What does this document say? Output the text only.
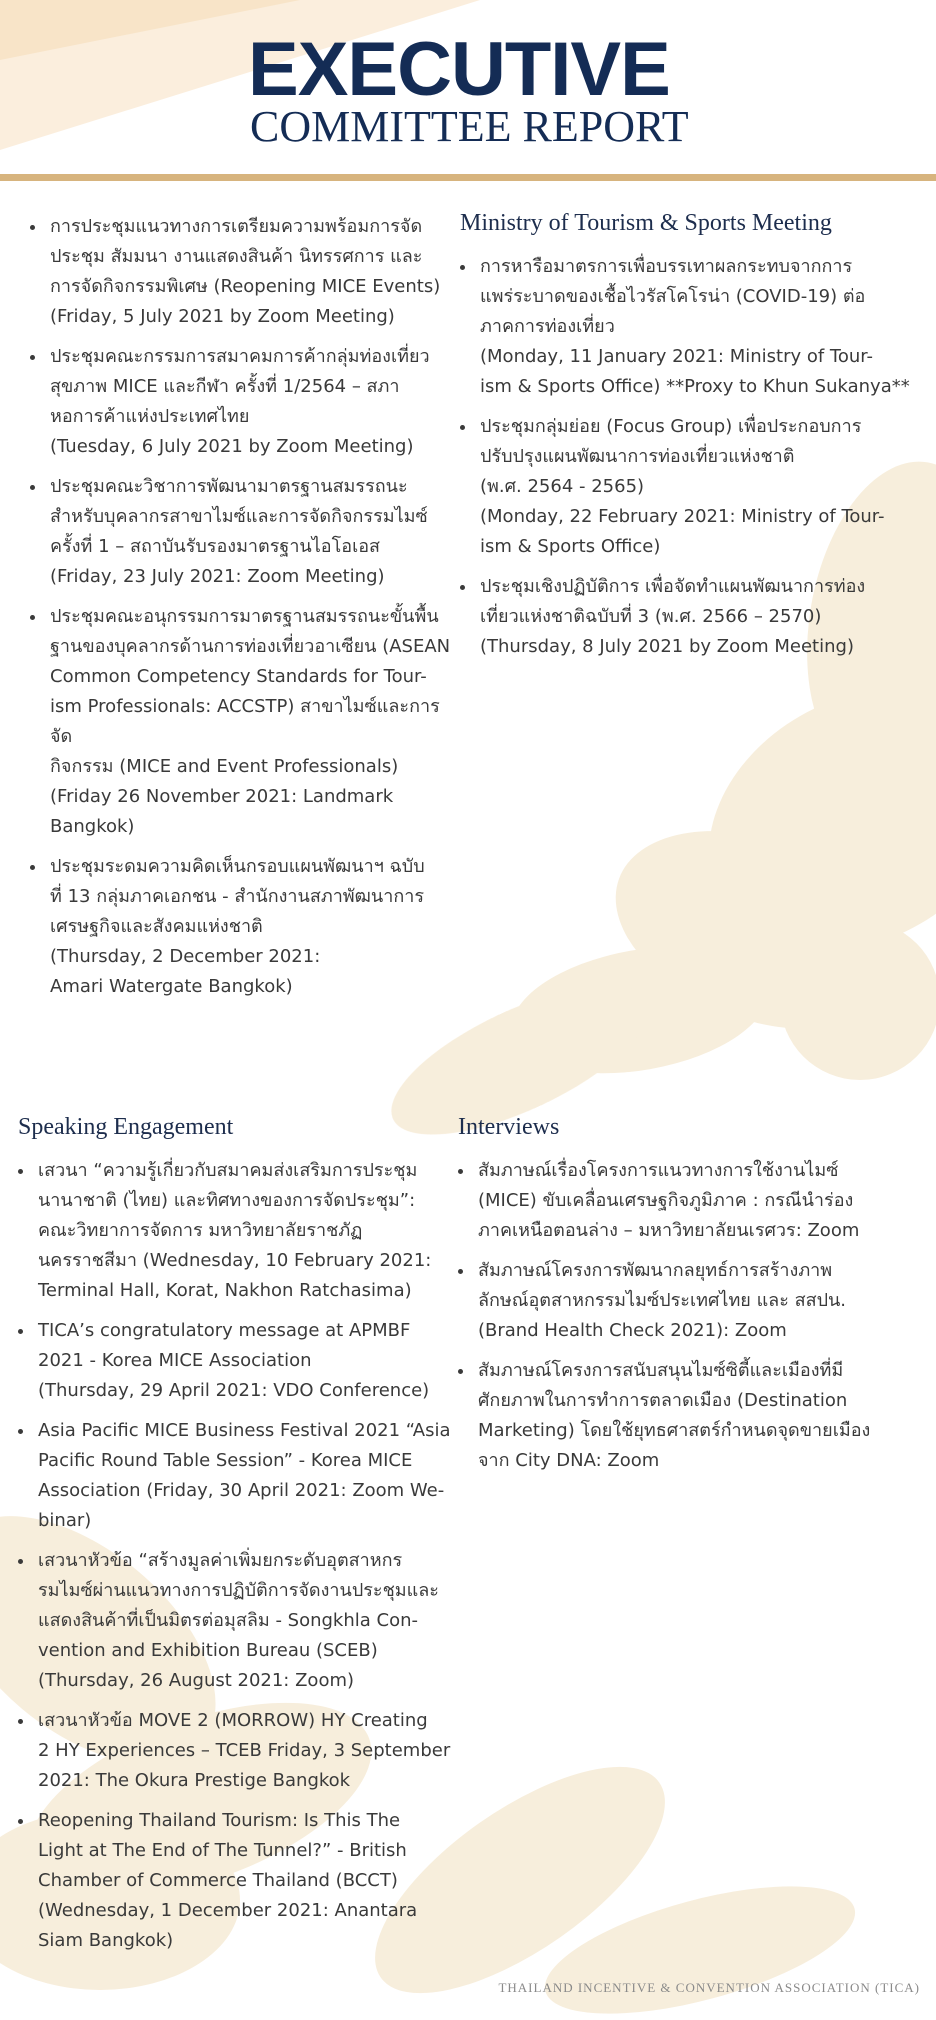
EXECUTIVE
COMMITTEE REPORT
การประชุมแนวทางการเตรียมความพร้อมการจัด
ประชุม สัมมนา งานแสดงสินค้า นิทรรศการ และ
การจัดกิจกรรมพิเศษ (Reopening MICE Events)
(Friday, 5 July 2021 by Zoom Meeting)
ประชุมคณะกรรมการสมาคมการค้ากลุ่มท่องเที่ยว
สุขภาพ MICE และกีฬา ครั้งที่ 1/2564 – สภา
หอการค้าแห่งประเทศไทย
(Tuesday, 6 July 2021 by Zoom Meeting)
ประชุมคณะวิชาการพัฒนามาตรฐานสมรรถนะ
สำหรับบุคลากรสาขาไมซ์และการจัดกิจกรรมไมซ์
ครั้งที่ 1 – สถาบันรับรองมาตรฐานไอโอเอส
(Friday, 23 July 2021: Zoom Meeting)
ประชุมคณะอนุกรรมการมาตรฐานสมรรถนะขั้นพื้น
ฐานของบุคลากรด้านการท่องเที่ยวอาเซียน (ASEAN
Common Competency Standards for Tour-
ism Professionals: ACCSTP) สาขาไมซ์และการจัด
กิจกรรม (MICE and Event Professionals)
(Friday 26 November 2021: Landmark Bangkok)
ประชุมระดมความคิดเห็นกรอบแผนพัฒนาฯ ฉบับ
ที่ 13 กลุ่มภาคเอกชน - สำนักงานสภาพัฒนาการ
เศรษฐกิจและสังคมแห่งชาติ
(Thursday, 2 December 2021:
Amari Watergate Bangkok)
Ministry of Tourism & Sports Meeting
การหารือมาตรการเพื่อบรรเทาผลกระทบจากการ
แพร่ระบาดของเชื้อไวรัสโคโรน่า (COVID-19) ต่อ
ภาคการท่องเที่ยว
(Monday, 11 January 2021: Ministry of Tour-
ism & Sports Office) **Proxy to Khun Sukanya**
ประชุมกลุ่มย่อย (Focus Group) เพื่อประกอบการ
ปรับปรุงแผนพัฒนาการท่องเที่ยวแห่งชาติ
(พ.ศ. 2564 - 2565)
(Monday, 22 February 2021: Ministry of Tour-
ism & Sports Office)
ประชุมเชิงปฏิบัติการ เพื่อจัดทำแผนพัฒนาการท่อง
เที่ยวแห่งชาติฉบับที่ 3 (พ.ศ. 2566 – 2570)
(Thursday, 8 July 2021 by Zoom Meeting)
Speaking Engagement
เสวนา “ความรู้เกี่ยวกับสมาคมส่งเสริมการประชุม
นานาชาติ (ไทย) และทิศทางของการจัดประชุม”:
คณะวิทยาการจัดการ มหาวิทยาลัยราชภัฏ
นครราชสีมา (Wednesday, 10 February 2021:
Terminal Hall, Korat, Nakhon Ratchasima)
TICA’s congratulatory message at APMBF
2021 - Korea MICE Association
(Thursday, 29 April 2021: VDO Conference)
Asia Pacific MICE Business Festival 2021 “Asia
Pacific Round Table Session” - Korea MICE
Association (Friday, 30 April 2021: Zoom We-
binar)
เสวนาหัวข้อ “สร้างมูลค่าเพิ่มยกระดับอุตสาหกร
รมไมซ์ผ่านแนวทางการปฏิบัติการจัดงานประชุมและ
แสดงสินค้าที่เป็นมิตรต่อมุสลิม - Songkhla Con-
vention and Exhibition Bureau (SCEB)
(Thursday, 26 August 2021: Zoom)
เสวนาหัวข้อ MOVE 2 (MORROW) HY Creating
2 HY Experiences – TCEB Friday, 3 September
2021: The Okura Prestige Bangkok
Reopening Thailand Tourism: Is This The
Light at The End of The Tunnel?” - British
Chamber of Commerce Thailand (BCCT)
(Wednesday, 1 December 2021: Anantara
Siam Bangkok)
Interviews
สัมภาษณ์เรื่องโครงการแนวทางการใช้งานไมซ์
(MICE) ขับเคลื่อนเศรษฐกิจภูมิภาค : กรณีนำร่อง
ภาคเหนือตอนล่าง – มหาวิทยาลัยนเรศวร: Zoom
สัมภาษณ์โครงการพัฒนากลยุทธ์การสร้างภาพ
ลักษณ์อุตสาหกรรมไมซ์ประเทศไทย และ สสปน.
(Brand Health Check 2021): Zoom
สัมภาษณ์โครงการสนับสนุนไมซ์ซิตี้และเมืองที่มี
ศักยภาพในการทำการตลาดเมือง (Destination
Marketing) โดยใช้ยุทธศาสตร์กำหนดจุดขายเมือง
จาก City DNA: Zoom
THAILAND INCENTIVE & CONVENTION ASSOCIATION (TICA)
